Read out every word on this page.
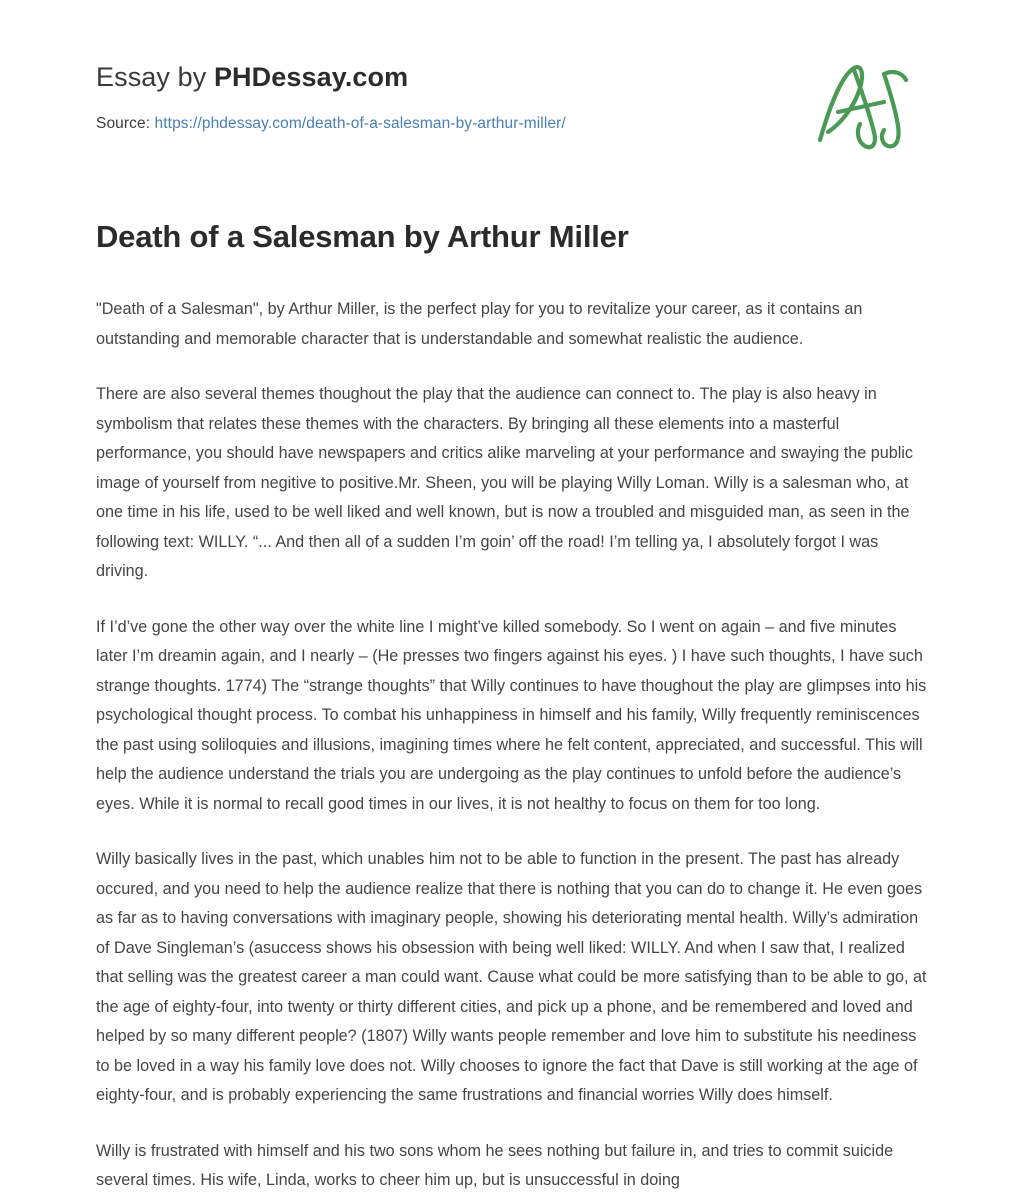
Essay by PHDessay.com
Source: https://phdessay.com/death-of-a-salesman-by-arthur-miller/
Death of a Salesman by Arthur Miller

"Death of a Salesman", by Arthur Miller, is the perfect play for you to revitalize your career, as it contains an outstanding and memorable character that is understandable and somewhat realistic the audience.

There are also several themes thoughout the play that the audience can connect to. The play is also heavy in symbolism that relates these themes with the characters. By bringing all these elements into a masterful performance, you should have newspapers and critics alike marveling at your performance and swaying the public image of yourself from negitive to positive.Mr. Sheen, you will be playing Willy Loman. Willy is a salesman who, at one time in his life, used to be well liked and well known, but is now a troubled and misguided man, as seen in the following text: WILLY. “... And then all of a sudden I’m goin’ off the road! I’m telling ya, I absolutely forgot I was driving.

If I’d’ve gone the other way over the white line I might’ve killed somebody. So I went on again – and five minutes later I’m dreamin again, and I nearly – (He presses two fingers against his eyes. ) I have such thoughts, I have such strange thoughts. 1774) The “strange thoughts” that Willy continues to have thoughout the play are glimpses into his psychological thought process. To combat his unhappiness in himself and his family, Willy frequently reminiscences the past using soliloquies and illusions, imagining times where he felt content, appreciated, and successful. This will help the audience understand the trials you are undergoing as the play continues to unfold before the audience’s eyes. While it is normal to recall good times in our lives, it is not healthy to focus on them for too long.

Willy basically lives in the past, which unables him not to be able to function in the present. The past has already occured, and you need to help the audience realize that there is nothing that you can do to change it. He even goes as far as to having conversations with imaginary people, showing his deteriorating mental health. Willy’s admiration of Dave Singleman’s (asuccess shows his obsession with being well liked: WILLY. And when I saw that, I realized that selling was the greatest career a man could want. Cause what could be more satisfying than to be able to go, at the age of eighty-four, into twenty or thirty different cities, and pick up a phone, and be remembered and loved and helped by so many different people? (1807) Willy wants people remember and love him to substitute his neediness to be loved in a way his family love does not. Willy chooses to ignore the fact that Dave is still working at the age of eighty-four, and is probably experiencing the same frustrations and financial worries Willy does himself.

Willy is frustrated with himself and his two sons whom he sees nothing but failure in, and tries to commit suicide several times. His wife, Linda, works to cheer him up, but is unsuccessful in doing
